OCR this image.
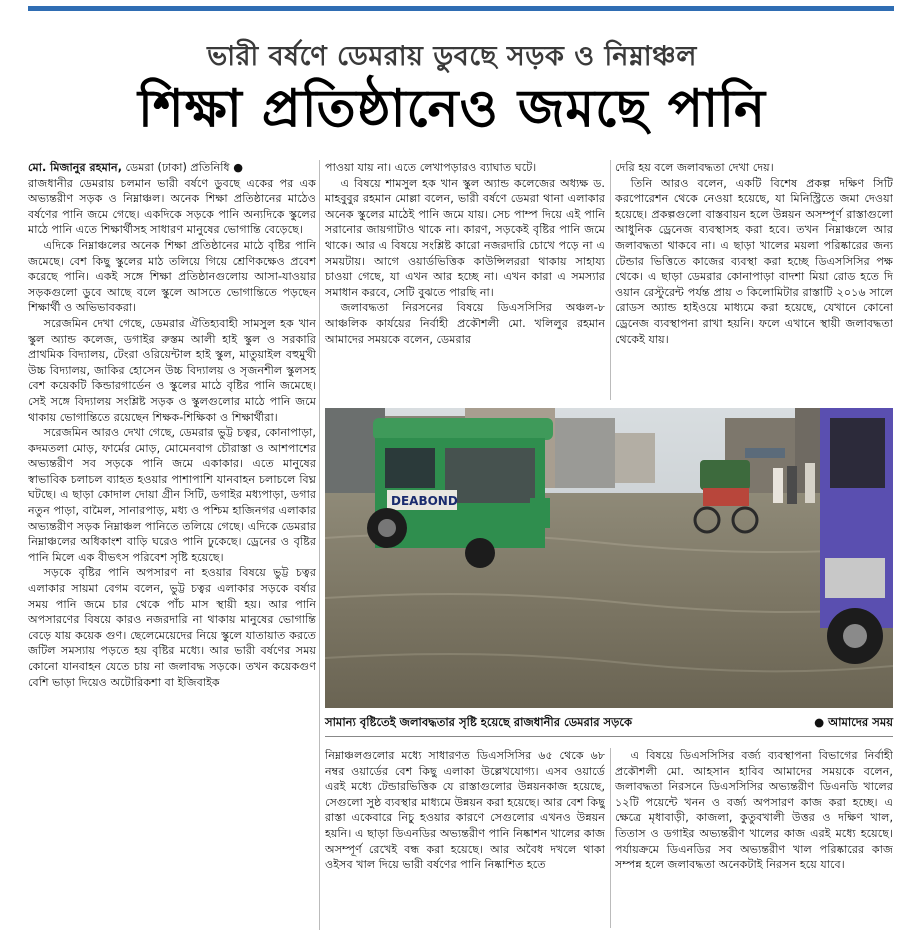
ভারী বর্ষণে ডেমরায় ডুবছে সড়ক ও নিম্নাঞ্চল
শিক্ষা প্রতিষ্ঠানেও জমছে পানি

মো. মিজানুর রহমান, ডেমরা (ঢাকা) প্রতিনিধি ●

রাজধানীর ডেমরায় চলমান ভারী বর্ষণে ডুবছে একের পর এক অভ্যন্তরীণ সড়ক ও নিম্নাঞ্চল। অনেক শিক্ষা প্রতিষ্ঠানের মাঠেও বর্ষণের পানি জমে গেছে। একদিকে সড়কে পানি অন্যদিকে স্কুলের মাঠে পানি এতে শিক্ষার্থীসহ সাধারণ মানুষের ভোগান্তি বেড়েছে।

এদিকে নিম্নাঞ্চলের অনেক শিক্ষা প্রতিষ্ঠানের মাঠে বৃষ্টির পানি জমেছে। বেশ কিছু স্কুলের মাঠ তলিয়ে গিয়ে শ্রেণিকক্ষেও প্রবেশ করেছে পানি। একই সঙ্গে শিক্ষা প্রতিষ্ঠানগুলোয় আসা-যাওয়ার সড়কগুলো ডুবে আছে বলে স্কুলে আসতে ভোগান্তিতে পড়ছেন শিক্ষার্থী ও অভিভাবকরা।

সরেজমিন দেখা গেছে, ডেমরার ঐতিহ্যবাহী সামসুল হক খান স্কুল অ্যান্ড কলেজ, ডগাইর রুস্তম আলী হাই স্কুল ও সরকারি প্রাথমিক বিদ্যালয়, টেংরা ওরিয়েন্টাল হাই স্কুল, মাতুয়াইল বহুমুখী উচ্চ বিদ্যালয়, জাকির হোসেন উচ্চ বিদ্যালয় ও সৃজনশীল স্কুলসহ বেশ কয়েকটি কিন্ডারগার্ডেন ও স্কুলের মাঠে বৃষ্টির পানি জমেছে। সেই সঙ্গে বিদ্যালয় সংশ্লিষ্ট সড়ক ও স্কুলগুলোর মাঠে পানি জমে থাকায় ভোগান্তিতে রয়েছেন শিক্ষক-শিক্ষিকা ও শিক্ষার্থীরা।

সরেজমিন আরও দেখা গেছে, ডেমরার ভুট্ট চত্বর, কোনাপাড়া, কদমতলা মোড়, ফার্মের মোড়, মোমেনবাগ চৌরাস্তা ও আশপাশের অভ্যন্তরীণ সব সড়কে পানি জমে একাকার। এতে মানুষের স্বাভাবিক চলাচল ব্যাহত হওয়ার পাশাপাশি যানবাহন চলাচলে বিঘ্ন ঘটছে। এ ছাড়া কোদাল দোয়া গ্রীন সিটি, ডগাইর মধ্যপাড়া, ডগার নতুন পাড়া, বামৈল, সানারপাড়, মধ্য ও পশ্চিম হাজিনগর এলাকার অভ্যন্তরীণ সড়ক নিম্নাঞ্চল পানিতে তলিয়ে গেছে। এদিকে ডেমরার নিম্নাঞ্চলের অধিকাংশ বাড়ি ঘরেও পানি ঢুকেছে। ড্রেনের ও বৃষ্টির পানি মিলে এক বীভৎস পরিবেশ সৃষ্টি হয়েছে।

সড়কে বৃষ্টির পানি অপসারণ না হওয়ার বিষয়ে ভুট্ট চত্বর এলাকার সায়মা বেগম বলেন, ভুট্ট চত্বর এলাকার সড়কে বর্ষার সময় পানি জমে চার থেকে পাঁচ মাস স্থায়ী হয়। আর পানি অপসারণের বিষয়ে কারও নজরদারি না থাকায় মানুষের ভোগান্তি বেড়ে যায় কয়েক গুণ। ছেলেমেয়েদের নিয়ে স্কুলে যাতায়াত করতে জটিল সমস্যায় পড়তে হয় বৃষ্টির মধ্যে। আর ভারী বর্ষণের সময় কোনো যানবাহন যেতে চায় না জলাবদ্ধ সড়কে। তখন কয়েকগুণ বেশি ভাড়া দিয়েও অটোরিকশা বা ইজিবাইক

পাওয়া যায় না। এতে লেখাপড়ারও ব্যাঘাত ঘটে।

এ বিষয়ে শামসুল হক খান স্কুল অ্যান্ড কলেজের অধ্যক্ষ ড. মাহবুবুর রহমান মোল্লা বলেন, ভারী বর্ষণে ডেমরা থানা এলাকার অনেক স্কুলের মাঠেই পানি জমে যায়। সেচ পাম্প দিয়ে এই পানি সরানোর জায়গাটাও থাকে না। কারণ, সড়কেই বৃষ্টির পানি জমে থাকে। আর এ বিষয়ে সংশ্লিষ্ট কারো নজরদারি চোখে পড়ে না এ সময়টায়। আগে ওয়ার্ডভিত্তিক কাউন্সিলররা থাকায় সাহায্য চাওয়া গেছে, যা এখন আর হচ্ছে না। এখন কারা এ সমস্যার সমাধান করবে, সেটি বুঝতে পারছি না।

জলাবদ্ধতা নিরসনের বিষয়ে ডিএসসিসির অঞ্চল-৮ আঞ্চলিক কার্যয়ের নির্বাহী প্রকৌশলী মো. খলিলুর রহমান আমাদের সময়কে বলেন, ডেমরার

দেরি হয় বলে জলাবদ্ধতা দেখা দেয়।

তিনি আরও বলেন, একটি বিশেষ প্রকল্প দক্ষিণ সিটি করপোরেশন থেকে নেওয়া হয়েছে, যা মিনিস্ট্রিতে জমা দেওয়া হয়েছে। প্রকল্পগুলো বাস্তবায়ন হলে উন্নয়ন অসম্পূর্ণ রাস্তাগুলো আধুনিক ড্রেনেজ ব্যবস্থাসহ করা হবে। তখন নিম্নাঞ্চলে আর জলাবদ্ধতা থাকবে না। এ ছাড়া খালের ময়লা পরিষ্কারের জন্য টেন্ডার ভিত্তিতে কাজের ব্যবস্থা করা হচ্ছে ডিএসসিসির পক্ষ থেকে। এ ছাড়া ডেমরার কোনাপাড়া বাদশা মিয়া রোড হতে দি ওয়ান রেস্টুরেন্ট পর্যন্ত প্রায় ৩ কিলোমিটার রাস্তাটি ২০১৬ সালে রোডস অ্যান্ড হাইওয়ে মাধ্যমে করা হয়েছে, যেখানে কোনো ড্রেনেজ ব্যবস্থাপনা রাখা হয়নি। ফলে এখানে স্থায়ী জলাবদ্ধতা থেকেই যায়।

DEABOND
সামান্য বৃষ্টিতেই জলাবদ্ধতার সৃষ্টি হয়েছে রাজধানীর ডেমরার সড়কে	● আমাদের সময়

নিম্নাঞ্চলগুলোর মধ্যে সাধারণত ডিএসসিসির ৬৫ থেকে ৬৮ নম্বর ওয়ার্ডের বেশ কিছু এলাকা উল্লেখযোগ্য। এসব ওয়ার্ডে এরই মধ্যে টেন্ডারভিত্তিক যে রাস্তাগুলোর উন্নয়নকাজ হয়েছে, সেগুলো সুষ্ঠ ব্যবস্থার মাধ্যমে উন্নয়ন করা হয়েছে। আর বেশ কিছু রাস্তা একেবারে নিচু হওয়ার কারণে সেগুলোর এখনও উন্নয়ন হয়নি। এ ছাড়া ডিএনডির অভ্যন্তরীণ পানি নিষ্কাশন খালের কাজ অসম্পূর্ণ রেখেই বন্ধ করা হয়েছে। আর অবৈধ দখলে থাকা ওইসব খাল দিয়ে ভারী বর্ষণের পানি নিষ্কাশিত হতে

এ বিষয়ে ডিএসসিসির বর্জ্য ব্যবস্থাপনা বিভাগের নির্বাহী প্রকৌশলী মো. আহসান হাবিব আমাদের সময়কে বলেন, জলাবদ্ধতা নিরসনে ডিএসসিসির অভ্যন্তরীণ ডিএনডি খালের ১২টি পয়েন্টে খনন ও বর্জ্য অপসারণ কাজ করা হচ্ছে। এ ক্ষেত্রে মৃধাবাড়ী, কাজলা, কুতুবখালী উত্তর ও দক্ষিণ খাল, তিতাস ও ডগাইর অভ্যন্তরীণ খালের কাজ এরই মধ্যে হয়েছে। পর্যায়ক্রমে ডিএনডির সব অভ্যন্তরীণ খাল পরিষ্কারের কাজ সম্পন্ন হলে জলাবদ্ধতা অনেকটাই নিরসন হয়ে যাবে।
